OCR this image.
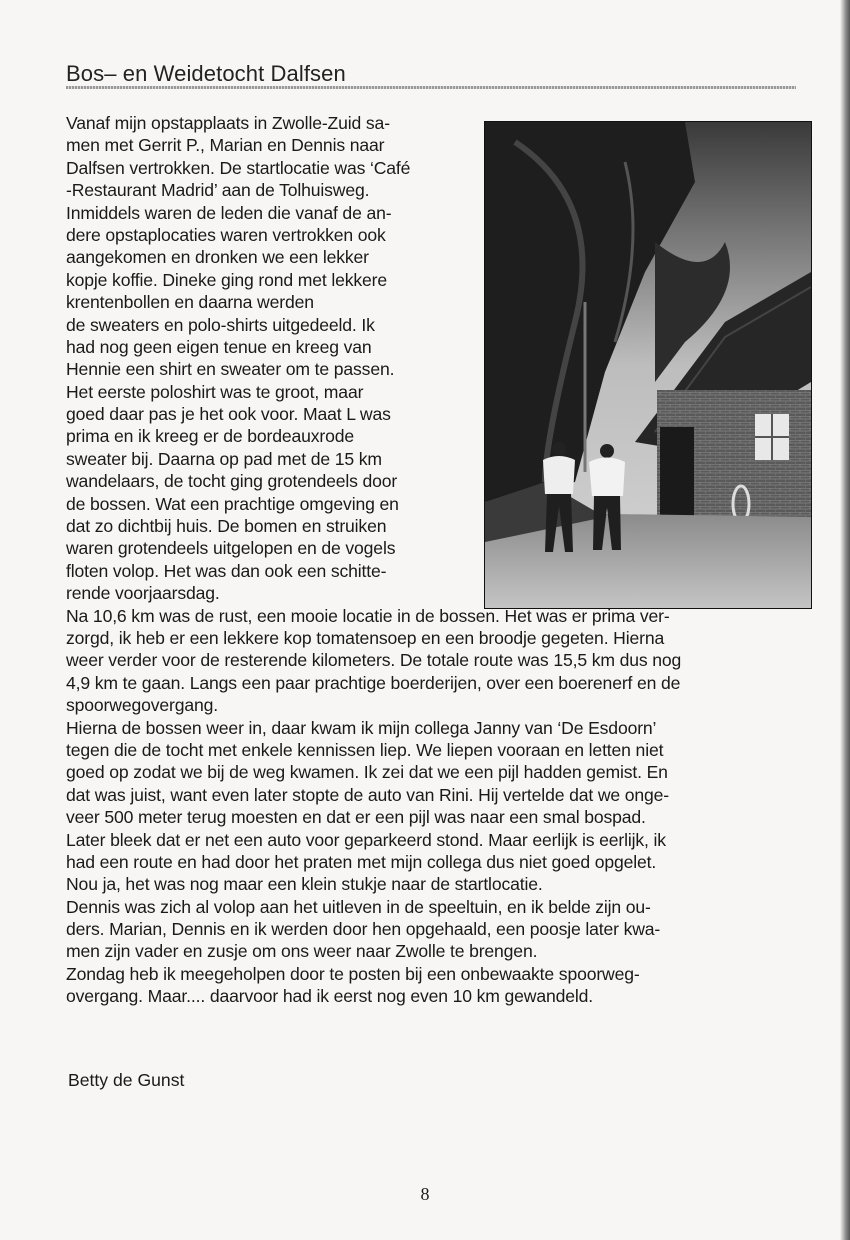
Bos– en Weidetocht Dalfsen
Vanaf mijn opstapplaats in Zwolle-Zuid sa-
men met Gerrit P., Marian en Dennis naar
Dalfsen vertrokken. De startlocatie was ‘Café
-Restaurant Madrid’ aan de Tolhuisweg.
Inmiddels waren de leden die vanaf de an-
dere opstaplocaties waren vertrokken ook
aangekomen en dronken we een lekker
kopje koffie. Dineke ging rond met lekkere
krentenbollen en daarna werden
de sweaters en polo-shirts uitgedeeld. Ik
had nog geen eigen tenue en kreeg van
Hennie een shirt en sweater om te passen.
Het eerste poloshirt was te groot, maar
goed daar pas je het ook voor. Maat L was
prima en ik kreeg er de bordeauxrode
sweater bij. Daarna op pad met de 15 km
wandelaars, de tocht ging grotendeels door
de bossen. Wat een prachtige omgeving en
dat zo dichtbij huis. De bomen en struiken
waren grotendeels uitgelopen en de vogels
floten volop. Het was dan ook een schitte-
rende voorjaarsdag.
Na 10,6 km was de rust, een mooie locatie in de bossen. Het was er prima ver-
zorgd, ik heb er een lekkere kop tomatensoep en een broodje gegeten. Hierna
weer verder voor de resterende kilometers. De totale route was 15,5 km dus nog
4,9 km te gaan. Langs een paar prachtige boerderijen, over een boerenerf en de
spoorwegovergang.
Hierna de bossen weer in, daar kwam ik mijn collega Janny van ‘De Esdoorn’
tegen die de tocht met enkele kennissen liep. We liepen vooraan en letten niet
goed op zodat we bij de weg kwamen. Ik zei dat we een pijl hadden gemist. En
dat was juist, want even later stopte de auto van Rini. Hij vertelde dat we onge-
veer 500 meter terug moesten en dat er een pijl was naar een smal bospad.
Later bleek dat er net een auto voor geparkeerd stond. Maar eerlijk is eerlijk, ik
had een route en had door het praten met mijn collega dus niet goed opgelet.
Nou ja, het was nog maar een klein stukje naar de startlocatie.
Dennis was zich al volop aan het uitleven in de speeltuin, en ik belde zijn ou-
ders. Marian, Dennis en ik werden door hen opgehaald, een poosje later kwa-
men zijn vader en zusje om ons weer naar Zwolle te brengen.
Zondag heb ik meegeholpen door te posten bij een onbewaakte spoorweg-
overgang. Maar.... daarvoor had ik eerst nog even 10 km gewandeld.
Betty de Gunst
8
